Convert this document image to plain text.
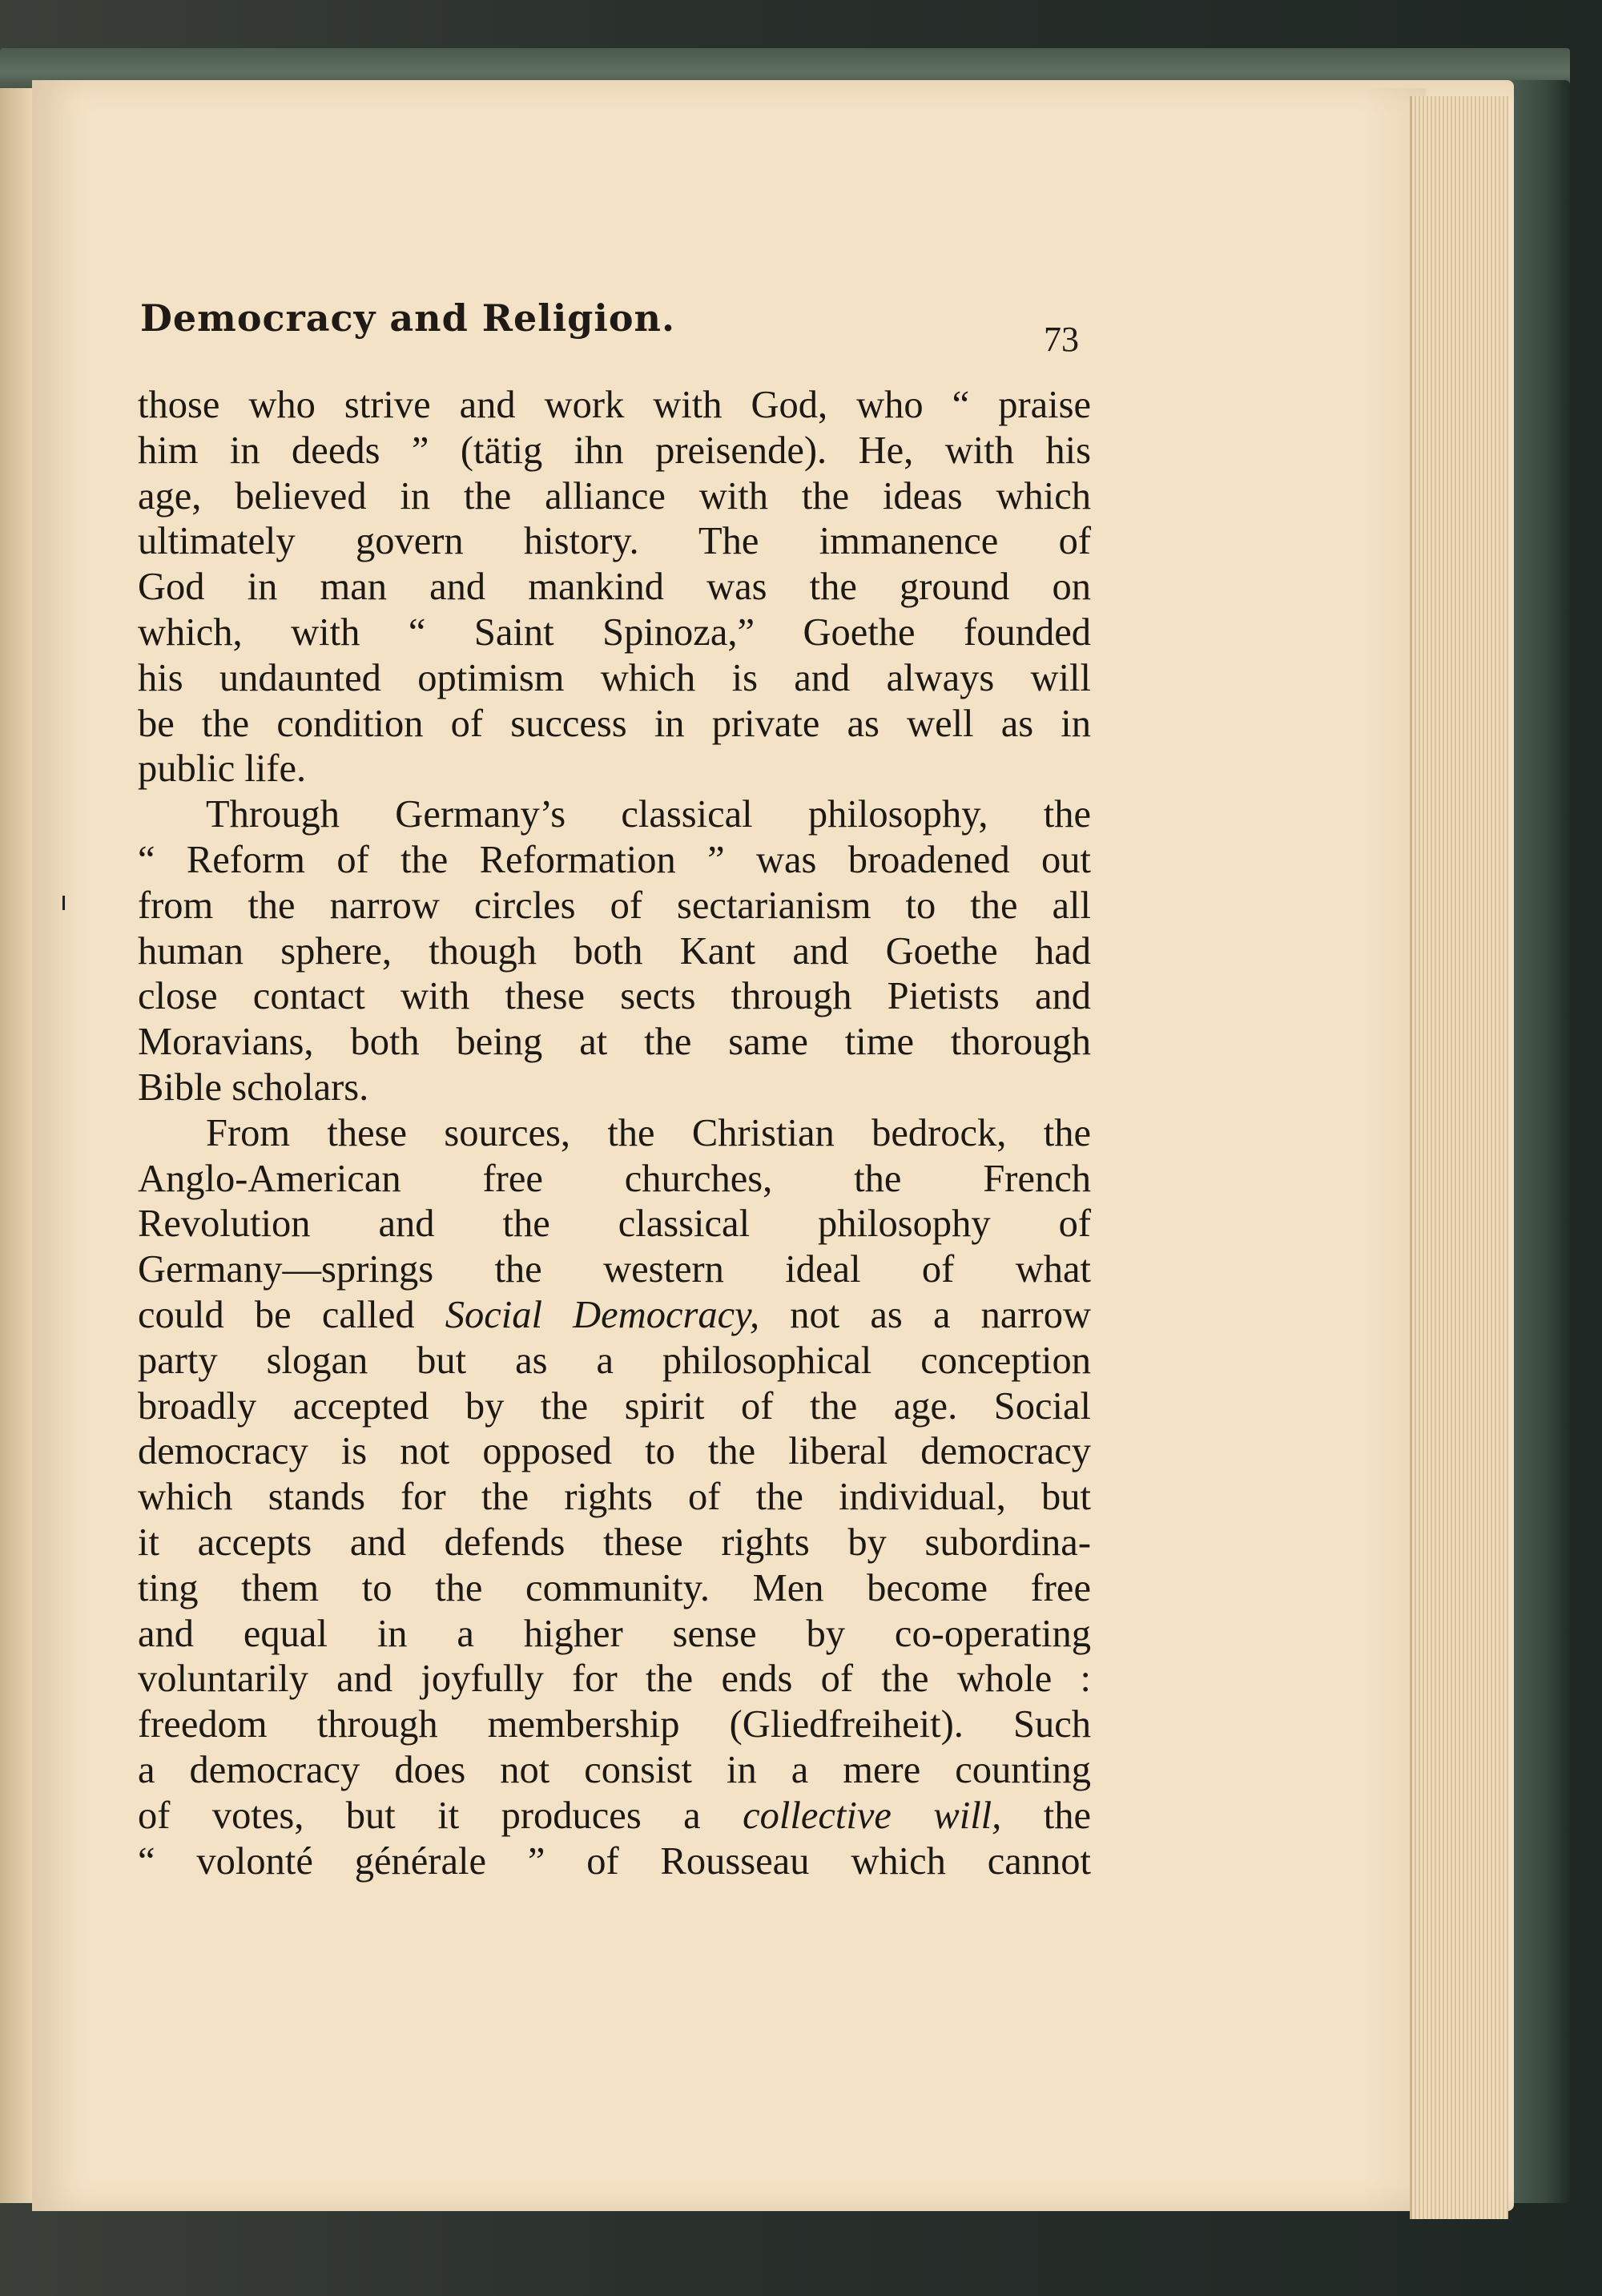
Democracy and Religion.	73
those who strive and work with God, who “ praise
him in deeds ” (tätig ihn preisende). He, with his
age, believed in the alliance with the ideas which
ultimately govern history. The immanence of
God in man and mankind was the ground on
which, with “ Saint Spinoza,” Goethe founded
his undaunted optimism which is and always will
be the condition of success in private as well as in
public life.
Through Germany’s classical philosophy, the
“ Reform of the Reformation ” was broadened out
from the narrow circles of sectarianism to the all
human sphere, though both Kant and Goethe had
close contact with these sects through Pietists and
Moravians, both being at the same time thorough
Bible scholars.
From these sources, the Christian bedrock, the
Anglo-American free churches, the French
Revolution and the classical philosophy of
Germany—springs the western ideal of what
could be called Social Democracy, not as a narrow
party slogan but as a philosophical conception
broadly accepted by the spirit of the age. Social
democracy is not opposed to the liberal democracy
which stands for the rights of the individual, but
it accepts and defends these rights by subordina-
ting them to the community. Men become free
and equal in a higher sense by co-operating
voluntarily and joyfully for the ends of the whole :
freedom through membership (Gliedfreiheit). Such
a democracy does not consist in a mere counting
of votes, but it produces a collective will, the
“ volonté générale ” of Rousseau which cannot
